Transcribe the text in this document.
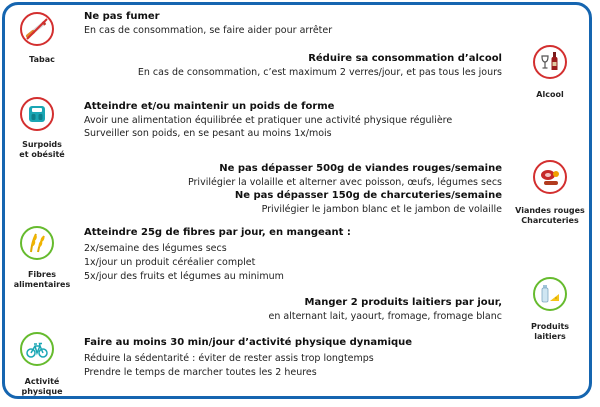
Tabac
Ne pas fumer
En cas de consommation, se faire aider pour arrêter
Réduire sa consommation d’alcool
En cas de consommation, c’est maximum 2 verres/jour, et pas tous les jours
Alcool
Surpoids
et obésité
Atteindre et/ou maintenir un poids de forme
Avoir une alimentation équilibrée et pratiquer une activité physique régulière
Surveiller son poids, en se pesant au moins 1x/mois
Ne pas dépasser 500g de viandes rouges/semaine
Privilégier la volaille et alterner avec poisson, œufs, légumes secs
Ne pas dépasser 150g de charcuteries/semaine
Privilégier le jambon blanc et le jambon de volaille	Viandes rouges
Charcuteries
Fibres
alimentaires
Atteindre 25g de fibres par jour, en mangeant :
2x/semaine des légumes secs
1x/jour un produit céréalier complet
5x/jour des fruits et légumes au minimum
Manger 2 produits laitiers par jour,
en alternant lait, yaourt, fromage, fromage blanc
Produits
laitiers
Activité
physique
Faire au moins 30 min/jour d’activité physique dynamique
Réduire la sédentarité : éviter de rester assis trop longtemps
Prendre le temps de marcher toutes les 2 heures
